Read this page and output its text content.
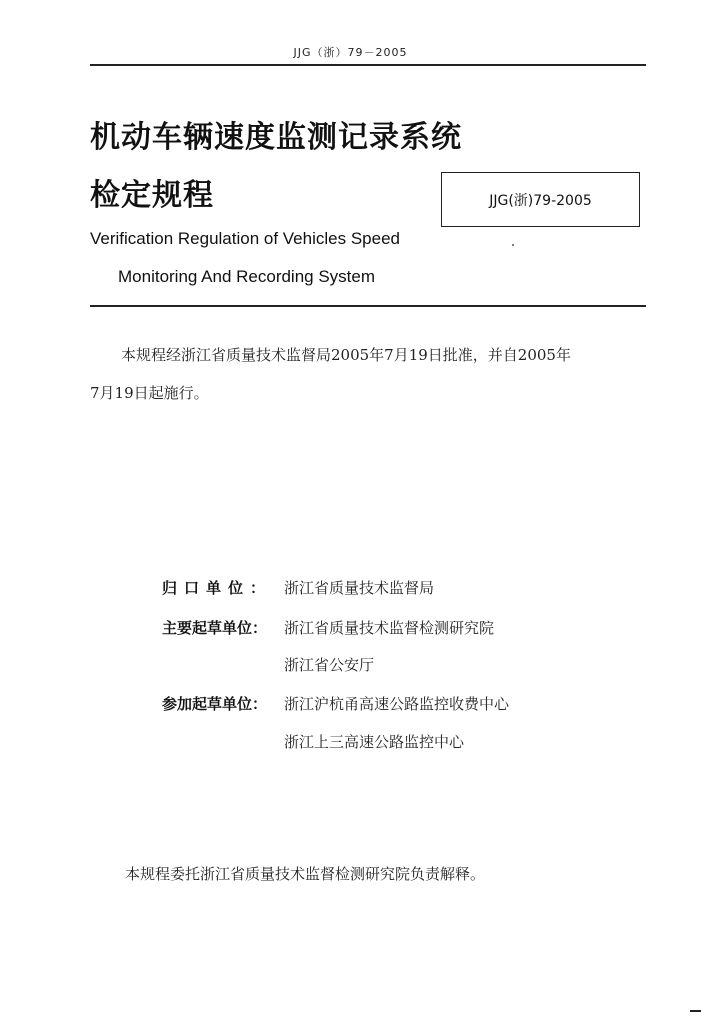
JJG（浙）79－2005
机动车辆速度监测记录系统
检定规程	JJG(浙)79-2005
Verification Regulation of Vehicles Speed
Monitoring And Recording System
本规程经浙江省质量技术监督局2005年7月19日批准，并自2005年
7月19日起施行。
归口单位： 浙江省质量技术监督局
主要起草单位：	浙江省质量技术监督检测研究院
浙江省公安厅
参加起草单位：	浙江沪杭甬高速公路监控收费中心
浙江上三高速公路监控中心
本规程委托浙江省质量技术监督检测研究院负责解释。
